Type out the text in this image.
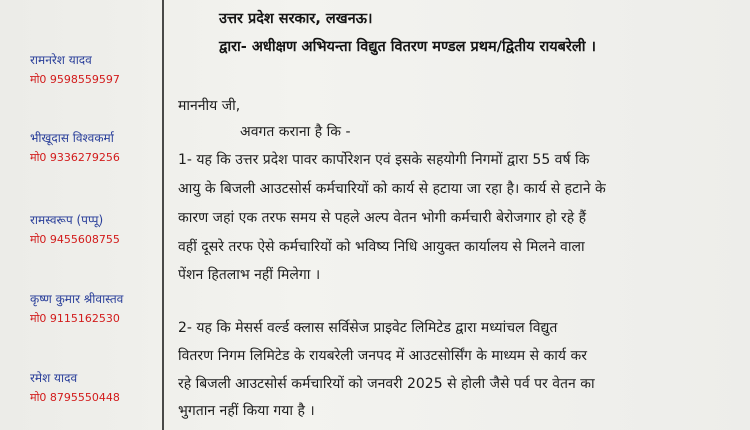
रामनरेश यादव
मो0 9598559597
भीखूदास विश्वकर्मा
मो0 9336279256
रामस्वरूप (पप्पू)
मो0 9455608755
कृष्ण कुमार श्रीवास्तव
मो0 9115162530
रमेश यादव
मो0 8795550448
उत्तर प्रदेश सरकार, लखनऊ।
द्वारा- अधीक्षण अभियन्ता विद्युत वितरण मण्डल प्रथम/द्वितीय रायबरेली ।
माननीय जी,
अवगत कराना है कि -
1- यह कि उत्तर प्रदेश पावर कार्पोरेशन एवं इसके सहयोगी निगमों द्वारा 55 वर्ष कि
आयु के बिजली आउटसोर्स कर्मचारियों को कार्य से हटाया जा रहा है। कार्य से हटाने के
कारण जहां एक तरफ समय से पहले अल्प वेतन भोगी कर्मचारी बेरोजगार हो रहे हैं
वहीं दूसरे तरफ ऐसे कर्मचारियों को भविष्य निधि आयुक्त कार्यालय से मिलने वाला
पेंशन हितलाभ नहीं मिलेगा ।
2- यह कि मेसर्स वर्ल्ड क्लास सर्विसेज प्राइवेट लिमिटेड द्वारा मध्यांचल विद्युत
वितरण निगम लिमिटेड के रायबरेली जनपद में आउटसोर्सिंग के माध्यम से कार्य कर
रहे बिजली आउटसोर्स कर्मचारियों को जनवरी 2025 से होली जैसे पर्व पर वेतन का
भुगतान नहीं किया गया है ।
